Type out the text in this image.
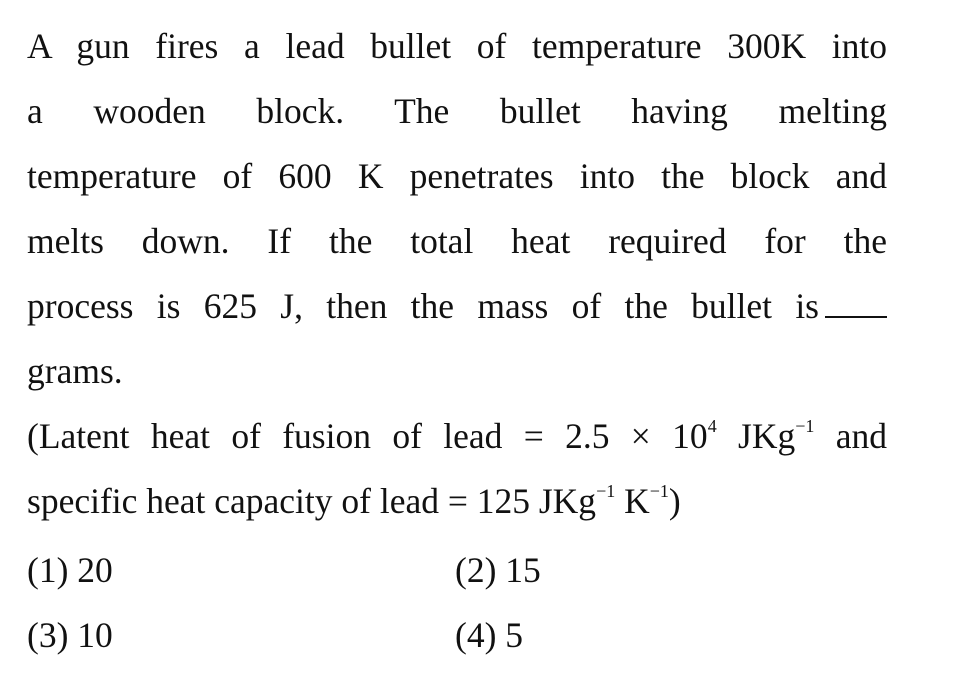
A gun fires a lead bullet of temperature 300K into
a wooden block. The bullet having melting
temperature of 600 K penetrates into the block and
melts down. If the total heat required for the
process is 625 J, then the mass of the bullet is
grams.
(Latent heat of fusion of lead = $2.5 \times 10^4$ JKg$^{-1}$ and
specific heat capacity of lead = 125 JKg$^{-1}$ $K^{-1}$)
(1) 20	(2) 15
(3) 10	(4) 5
